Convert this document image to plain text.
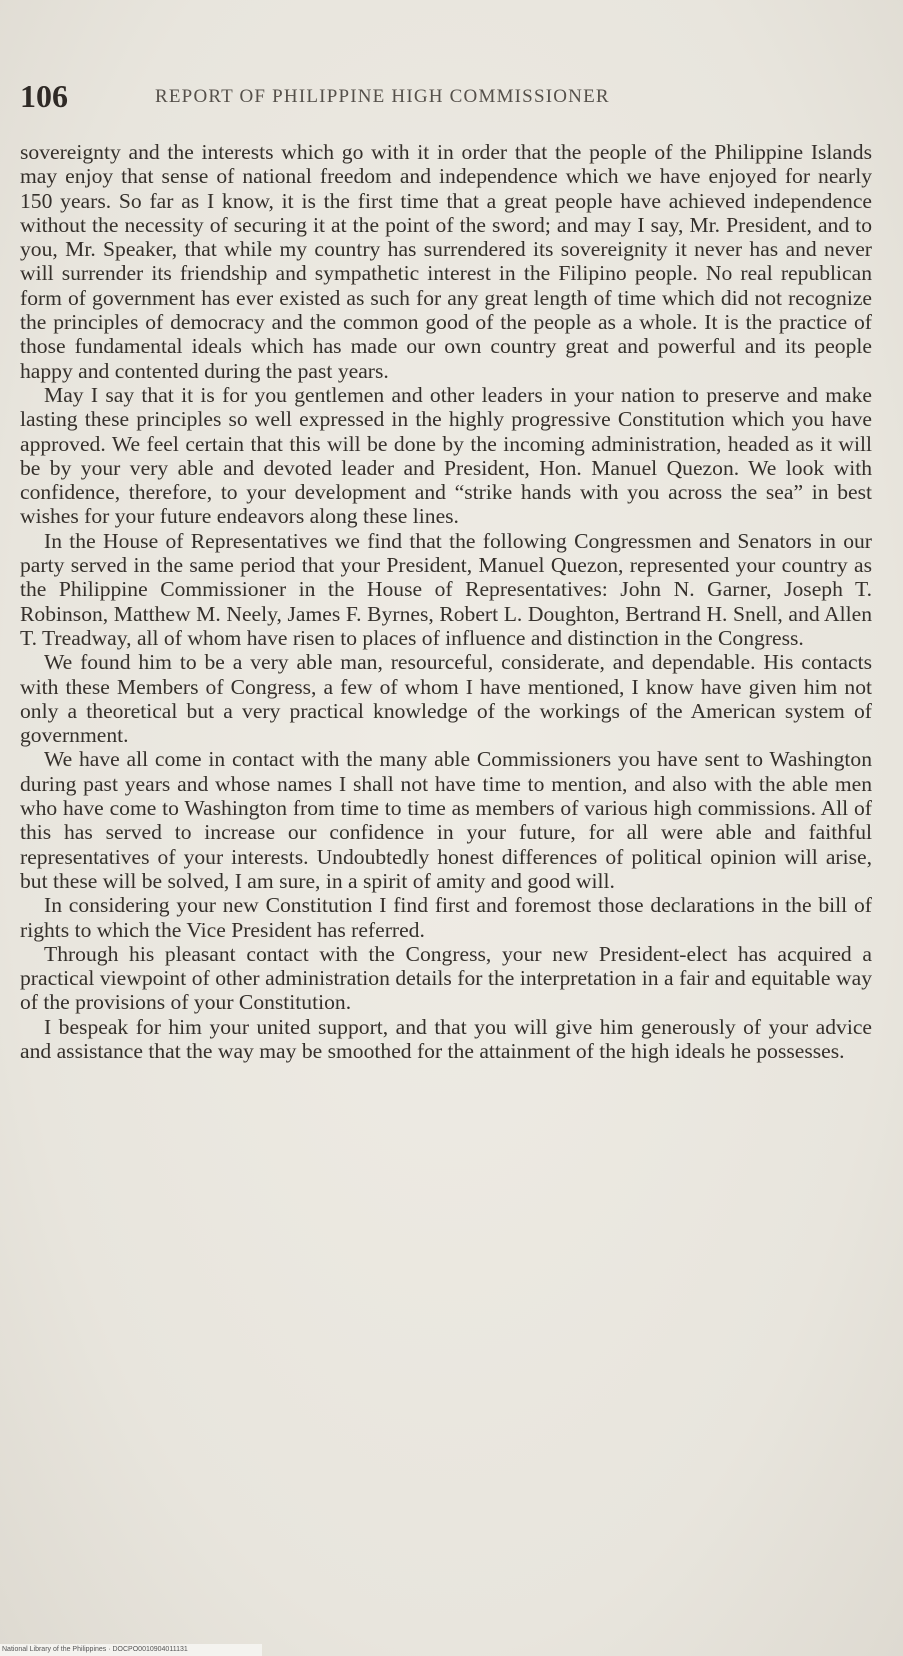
106	REPORT OF PHILIPPINE HIGH COMMISSIONER

sovereignty and the interests which go with it in order that the people of the Philippine Islands may enjoy that sense of national freedom and independence which we have enjoyed for nearly 150 years. So far as I know, it is the first time that a great people have achieved independence without the necessity of securing it at the point of the sword; and may I say, Mr. President, and to you, Mr. Speaker, that while my country has surrendered its sovereignity it never has and never will surrender its friendship and sympathetic interest in the Filipino people. No real republican form of government has ever existed as such for any great length of time which did not recognize the principles of democracy and the common good of the people as a whole. It is the practice of those fundamental ideals which has made our own country great and powerful and its people happy and contented during the past years.

May I say that it is for you gentlemen and other leaders in your nation to preserve and make lasting these principles so well expressed in the highly progressive Constitution which you have approved. We feel certain that this will be done by the incoming administration, headed as it will be by your very able and devoted leader and President, Hon. Manuel Quezon. We look with confidence, therefore, to your development and “strike hands with you across the sea” in best wishes for your future endeavors along these lines.

In the House of Representatives we find that the following Congressmen and Senators in our party served in the same period that your President, Manuel Quezon, represented your country as the Philippine Commissioner in the House of Representatives: John N. Garner, Joseph T. Robinson, Matthew M. Neely, James F. Byrnes, Robert L. Doughton, Bertrand H. Snell, and Allen T. Treadway, all of whom have risen to places of influence and distinction in the Congress.

We found him to be a very able man, resourceful, considerate, and dependable. His contacts with these Members of Congress, a few of whom I have mentioned, I know have given him not only a theoretical but a very practical knowledge of the workings of the American system of government.

We have all come in contact with the many able Commissioners you have sent to Washington during past years and whose names I shall not have time to mention, and also with the able men who have come to Washington from time to time as members of various high commissions. All of this has served to increase our confidence in your future, for all were able and faithful representatives of your interests. Undoubtedly honest differences of political opinion will arise, but these will be solved, I am sure, in a spirit of amity and good will.

In considering your new Constitution I find first and foremost those declarations in the bill of rights to which the Vice President has referred.

Through his pleasant contact with the Congress, your new President-elect has acquired a practical viewpoint of other administration details for the interpretation in a fair and equitable way of the provisions of your Constitution.

I bespeak for him your united support, and that you will give him generously of your advice and assistance that the way may be smoothed for the attainment of the high ideals he possesses.

National Library of the Philippines · DOCPO0010904011131
